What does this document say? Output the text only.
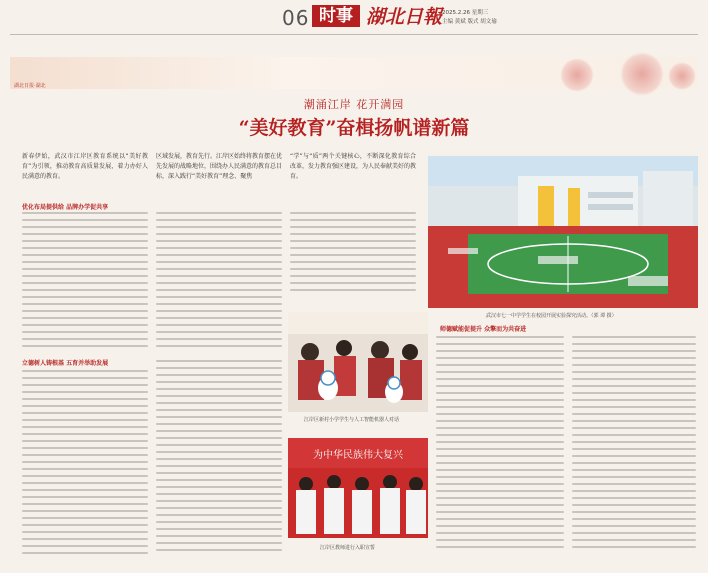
06 时事 湖北日報 2025.2.26 星期三
主编 黄斌 版式 胡文瑜
湖北日报·湖北
潮涌江岸 花开满园
“美好教育”奋楫扬帆谱新篇
新春伊始，武汉市江岸区教育系统以“美好教育”为引领，推动教育高质量发展，着力办好人民满意的教育。
区域发展，教育先行。江岸区始终将教育摆在优先发展的战略地位，围绕办人民满意的教育总目标，深入践行“美好教育”理念、聚焦
“学”与“质”两个关键核心，不断深化教育综合改革，发力教育强区建设，为人民奉献美好的教育。
武汉市七一中学学生在校园开展实验探究活动。（郭 谭 摄）
优化布局提供给 品牌办学促共享
立德树人铸根基 五育并举助发展
江岸区新村小学学生与人工智能机器人对话
为中华民族伟大复兴
江岸区教师进行入职宣誓
师德赋能促提升 众擎而为共奋进
